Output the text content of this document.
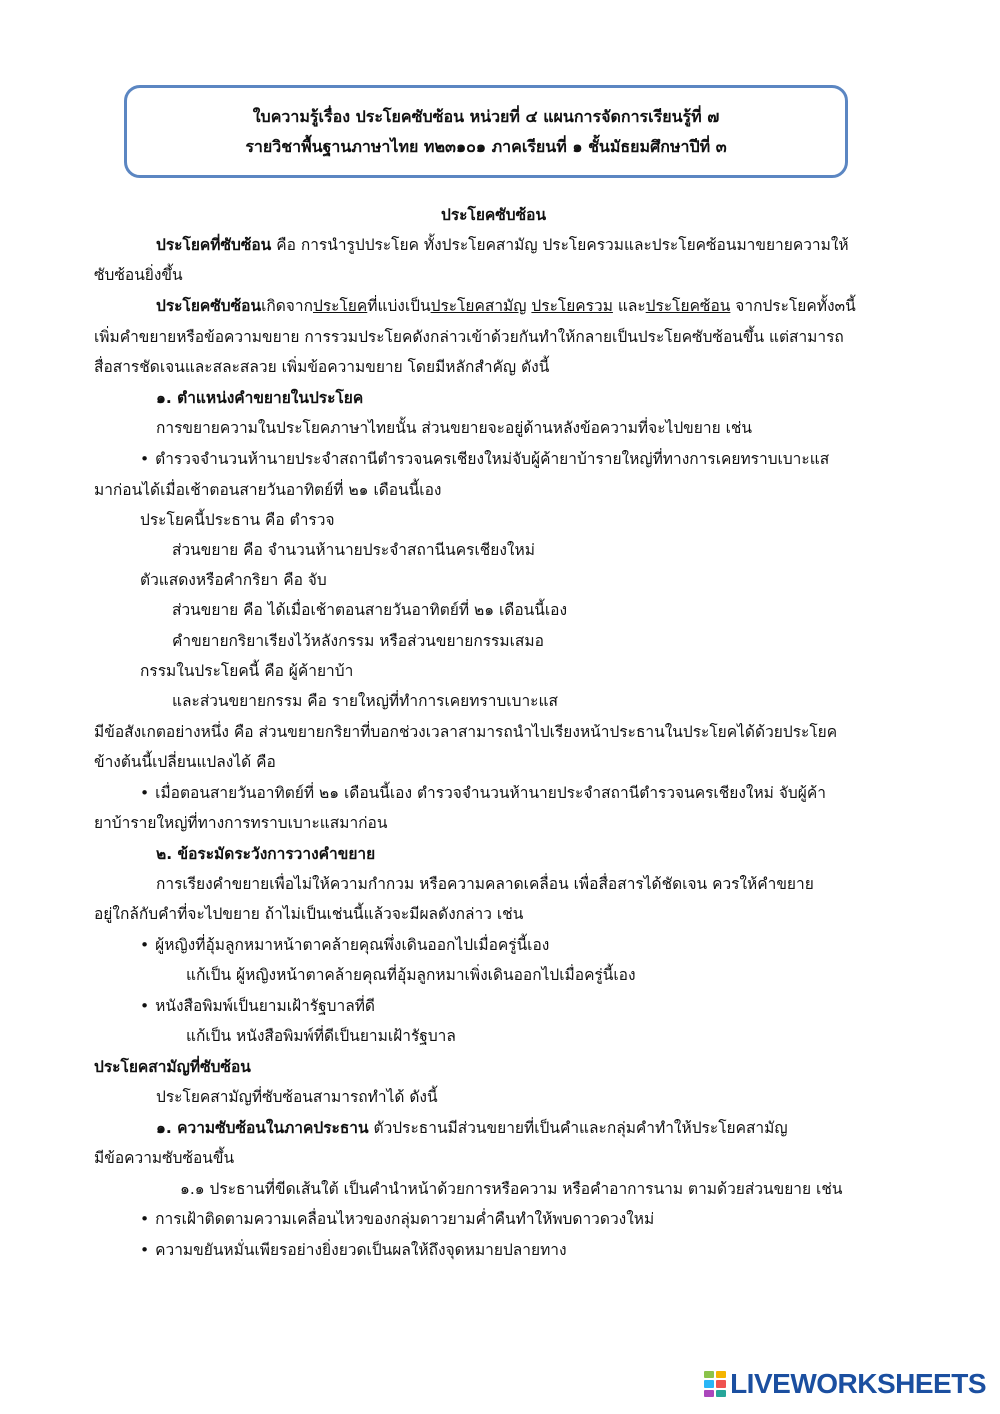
ใบความรู้เรื่อง ประโยคซับซ้อน หน่วยที่ ๔ แผนการจัดการเรียนรู้ที่ ๗
รายวิชาพื้นฐานภาษาไทย ท๒๓๑๐๑ ภาคเรียนที่ ๑ ชั้นมัธยมศึกษาปีที่ ๓
ประโยคซับซ้อน
ประโยคที่ซับซ้อน คือ การนำรูปประโยค ทั้งประโยคสามัญ ประโยครวมและประโยคซ้อนมาขยายความให้
ซับซ้อนยิ่งขึ้น
ประโยคซับซ้อนเกิดจากประโยคที่แบ่งเป็นประโยคสามัญ ประโยครวม และประโยคซ้อน จากประโยคทั้ง๓นี้
เพิ่มคำขยายหรือข้อความขยาย การรวมประโยคดังกล่าวเข้าด้วยกันทำให้กลายเป็นประโยคซับซ้อนขึ้น แต่สามารถ
สื่อสารชัดเจนและสละสลวย เพิ่มข้อความขยาย โดยมีหลักสำคัญ ดังนี้
๑. ตำแหน่งคำขยายในประโยค
การขยายความในประโยคภาษาไทยนั้น ส่วนขยายจะอยู่ด้านหลังข้อความที่จะไปขยาย เช่น
• ตำรวจจำนวนห้านายประจำสถานีตำรวจนครเชียงใหม่จับผู้ค้ายาบ้ารายใหญ่ที่ทางการเคยทราบเบาะแส
มาก่อนได้เมื่อเช้าตอนสายวันอาทิตย์ที่ ๒๑ เดือนนี้เอง
ประโยคนี้ประธาน คือ ตำรวจ
ส่วนขยาย คือ จำนวนห้านายประจำสถานีนครเชียงใหม่
ตัวแสดงหรือคำกริยา คือ จับ
ส่วนขยาย คือ ได้เมื่อเช้าตอนสายวันอาทิตย์ที่ ๒๑ เดือนนี้เอง
คำขยายกริยาเรียงไว้หลังกรรม หรือส่วนขยายกรรมเสมอ
กรรมในประโยคนี้ คือ ผู้ค้ายาบ้า
และส่วนขยายกรรม คือ รายใหญ่ที่ทำการเคยทราบเบาะแส
มีข้อสังเกตอย่างหนึ่ง คือ ส่วนขยายกริยาที่บอกช่วงเวลาสามารถนำไปเรียงหน้าประธานในประโยคได้ด้วยประโยค
ข้างต้นนี้เปลี่ยนแปลงได้ คือ
• เมื่อตอนสายวันอาทิตย์ที่ ๒๑ เดือนนี้เอง ตำรวจจำนวนห้านายประจำสถานีตำรวจนครเชียงใหม่ จับผู้ค้า
ยาบ้ารายใหญ่ที่ทางการทราบเบาะแสมาก่อน
๒. ข้อระมัดระวังการวางคำขยาย
การเรียงคำขยายเพื่อไม่ให้ความกำกวม หรือความคลาดเคลื่อน เพื่อสื่อสารได้ชัดเจน ควรให้คำขยาย
อยู่ใกล้กับคำที่จะไปขยาย ถ้าไม่เป็นเช่นนี้แล้วจะมีผลดังกล่าว เช่น
• ผู้หญิงที่อุ้มลูกหมาหน้าตาคล้ายคุณพึ่งเดินออกไปเมื่อครู่นี้เอง
แก้เป็น ผู้หญิงหน้าตาคล้ายคุณที่อุ้มลูกหมาเพิ่งเดินออกไปเมื่อครู่นี้เอง
• หนังสือพิมพ์เป็นยามเฝ้ารัฐบาลที่ดี
แก้เป็น หนังสือพิมพ์ที่ดีเป็นยามเฝ้ารัฐบาล
ประโยคสามัญที่ซับซ้อน
ประโยคสามัญที่ซับซ้อนสามารถทำได้ ดังนี้
๑. ความซับซ้อนในภาคประธาน ตัวประธานมีส่วนขยายที่เป็นคำและกลุ่มคำทำให้ประโยคสามัญ
มีข้อความซับซ้อนขึ้น
๑.๑ ประธานที่ขีดเส้นใต้ เป็นคำนำหน้าด้วยการหรือความ หรือคำอาการนาม ตามด้วยส่วนขยาย เช่น
• การเฝ้าติดตามความเคลื่อนไหวของกลุ่มดาวยามค่ำคืนทำให้พบดาวดวงใหม่
• ความขยันหมั่นเพียรอย่างยิ่งยวดเป็นผลให้ถึงจุดหมายปลายทาง
LIVEWORKSHEETS
